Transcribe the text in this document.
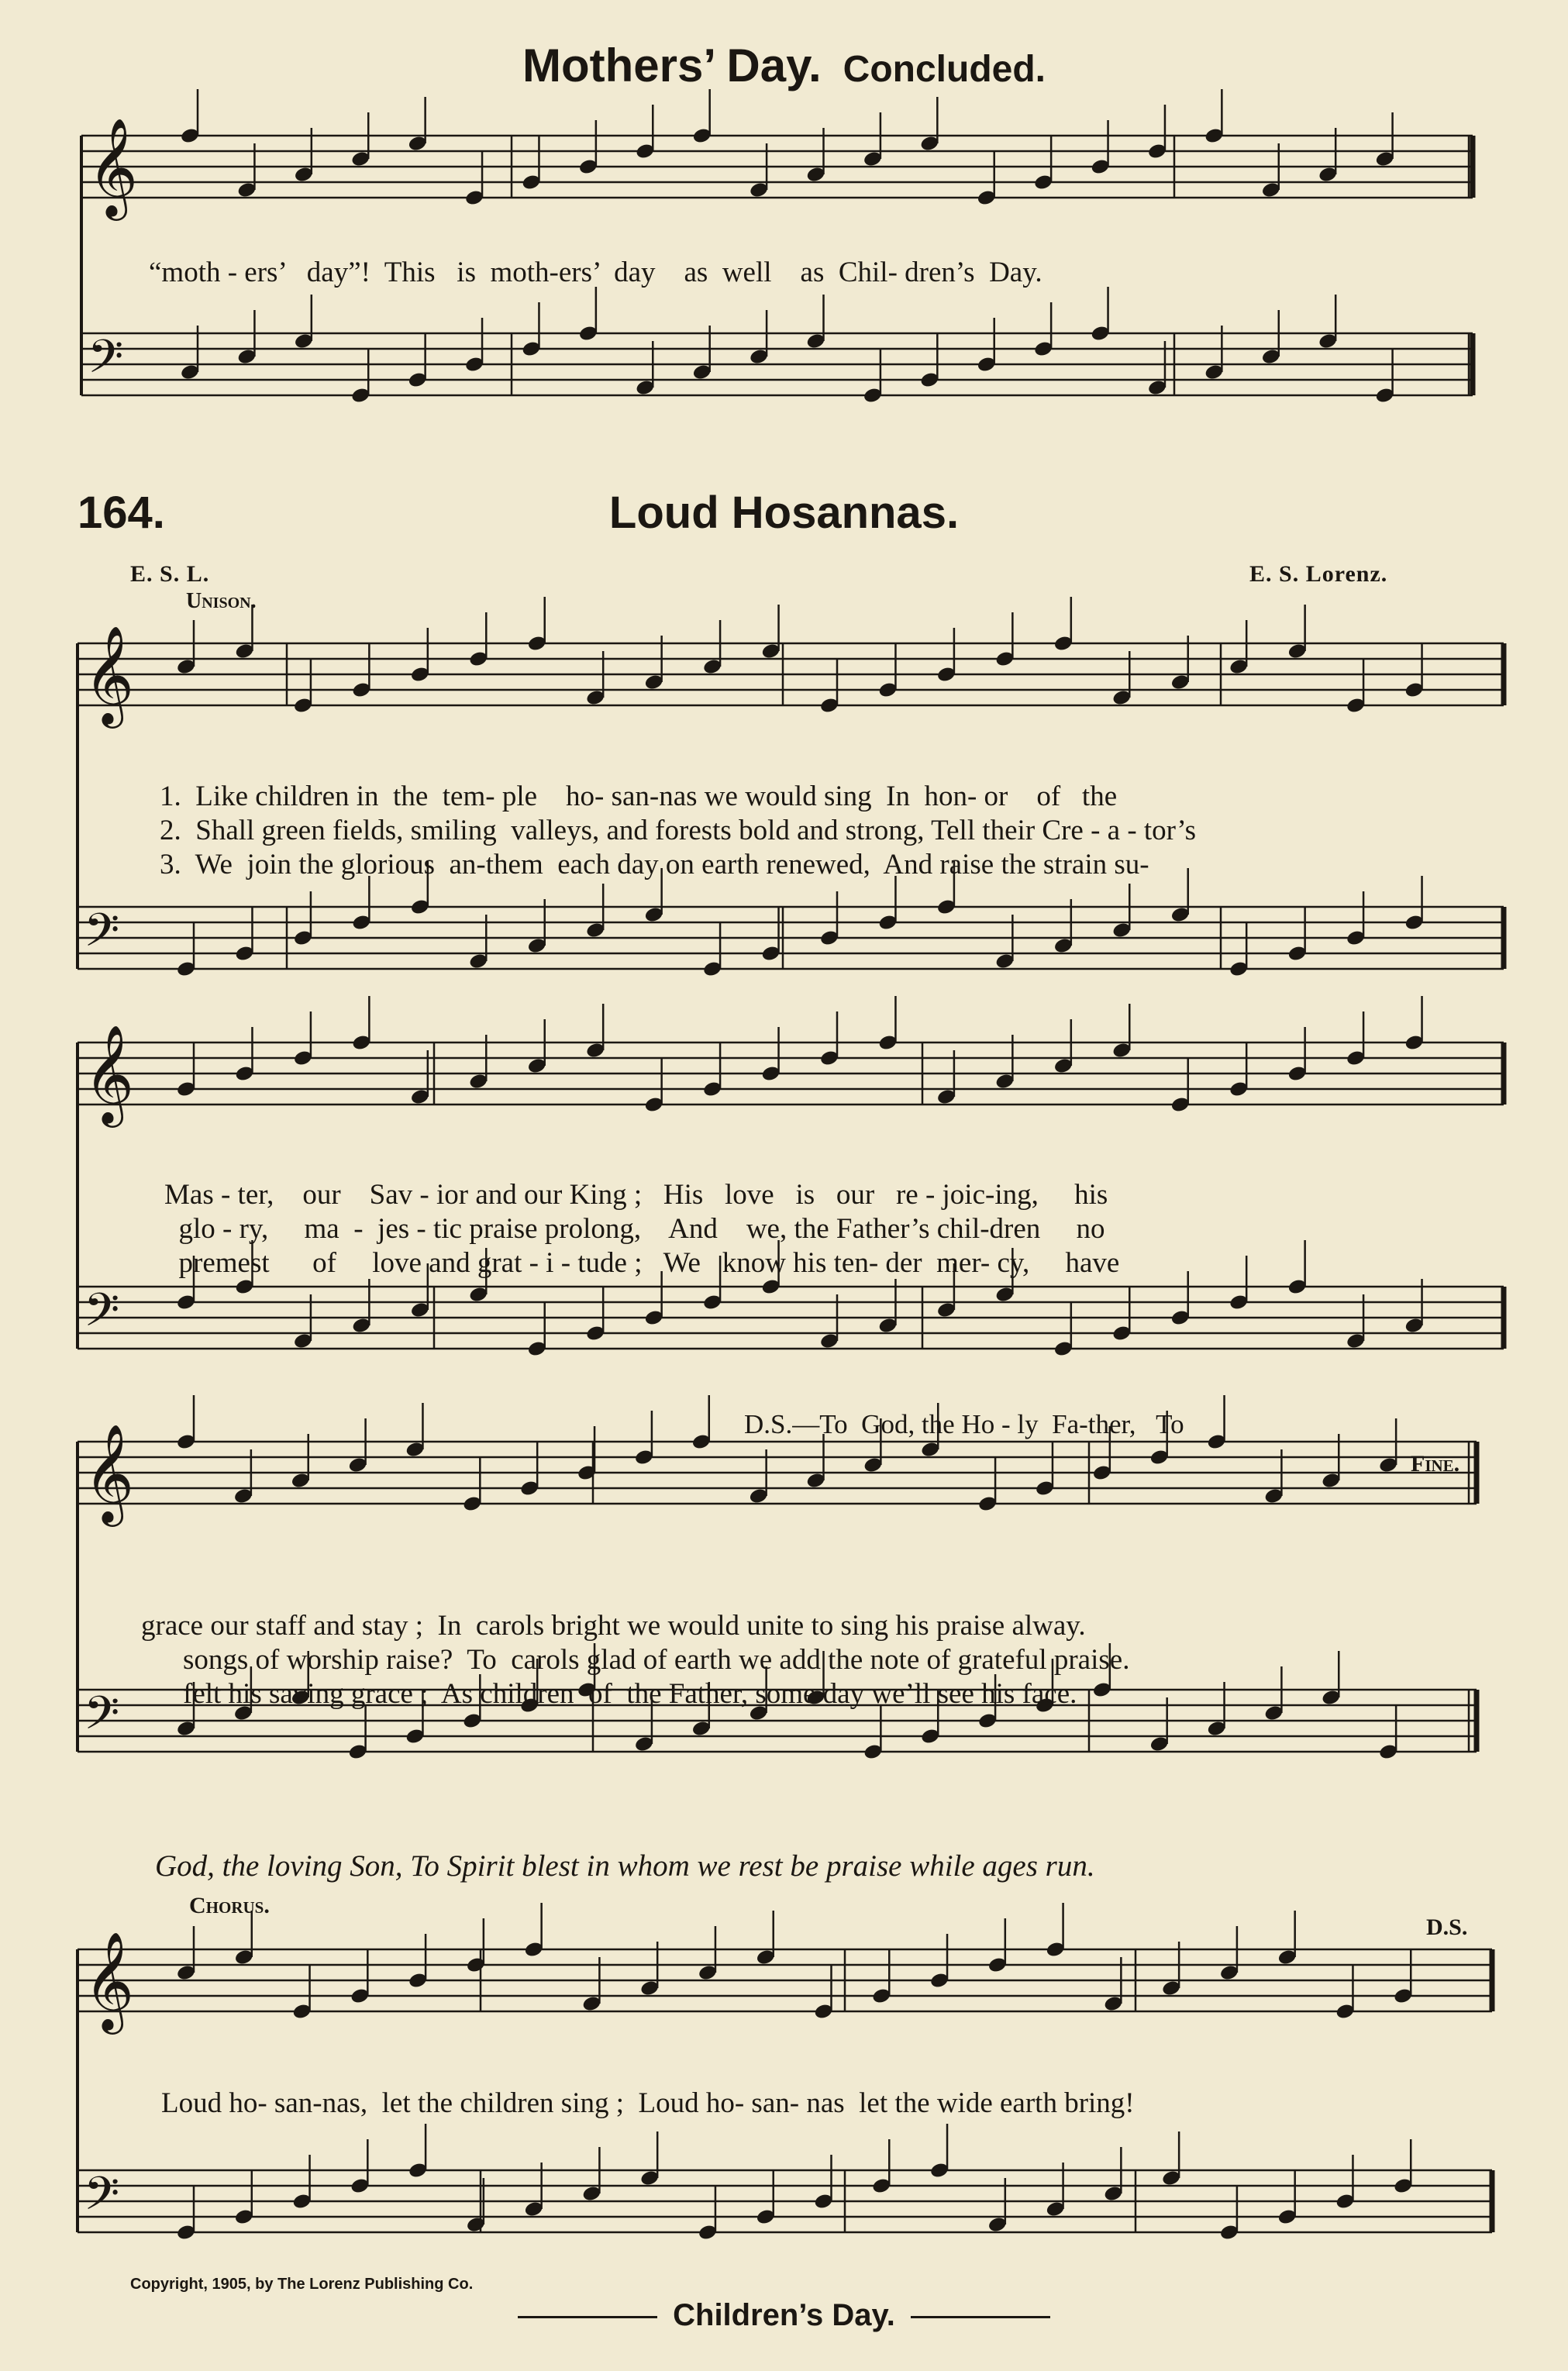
𝄞
𝄢
𝄞
𝄢
𝄞
𝄢
𝄞
𝄢
𝄞
𝄢
Mothers’ Day. Concluded.
“moth - ers’   day”!  This   is  moth-ers’  day    as  well    as  Chil- dren’s  Day.
164.	Loud Hosannas.
E. S. L.	E. S. Lorenz.
Unison.
1.  Like children in  the  tem- ple    ho- san-nas we would sing  In  hon- or    of   the
2.  Shall green fields, smiling  valleys, and forests bold and strong, Tell their Cre - a - tor’s
3.  We  join the glorious  an-them  each day on earth renewed,  And raise the strain su-
Mas - ter,    our    Sav - ior and our King ;   His   love   is   our   re - joic-ing,     his
glo - ry,     ma  -  jes - tic praise prolong,    And    we, the Father’s chil-dren     no
premest      of     love and grat - i - tude ;   We   know his ten- der  mer- cy,     have
D.S.—To  God, the Ho - ly  Fa-ther,   To
Fine.
grace our staff and stay ;  In  carols bright we would unite to sing his praise alway.
songs of worship raise?  To  carols glad of earth we add the note of grateful praise.
felt his saving grace ;  As children  of  the Father, some day we’ll see his face.
God, the loving Son, To Spirit blest in whom we rest be praise while ages run.
Chorus.
D.S.
Loud ho- san-nas,  let the children sing ;  Loud ho- san- nas  let the wide earth bring!
Copyright, 1905, by The Lorenz Publishing Co.
Children’s Day.
